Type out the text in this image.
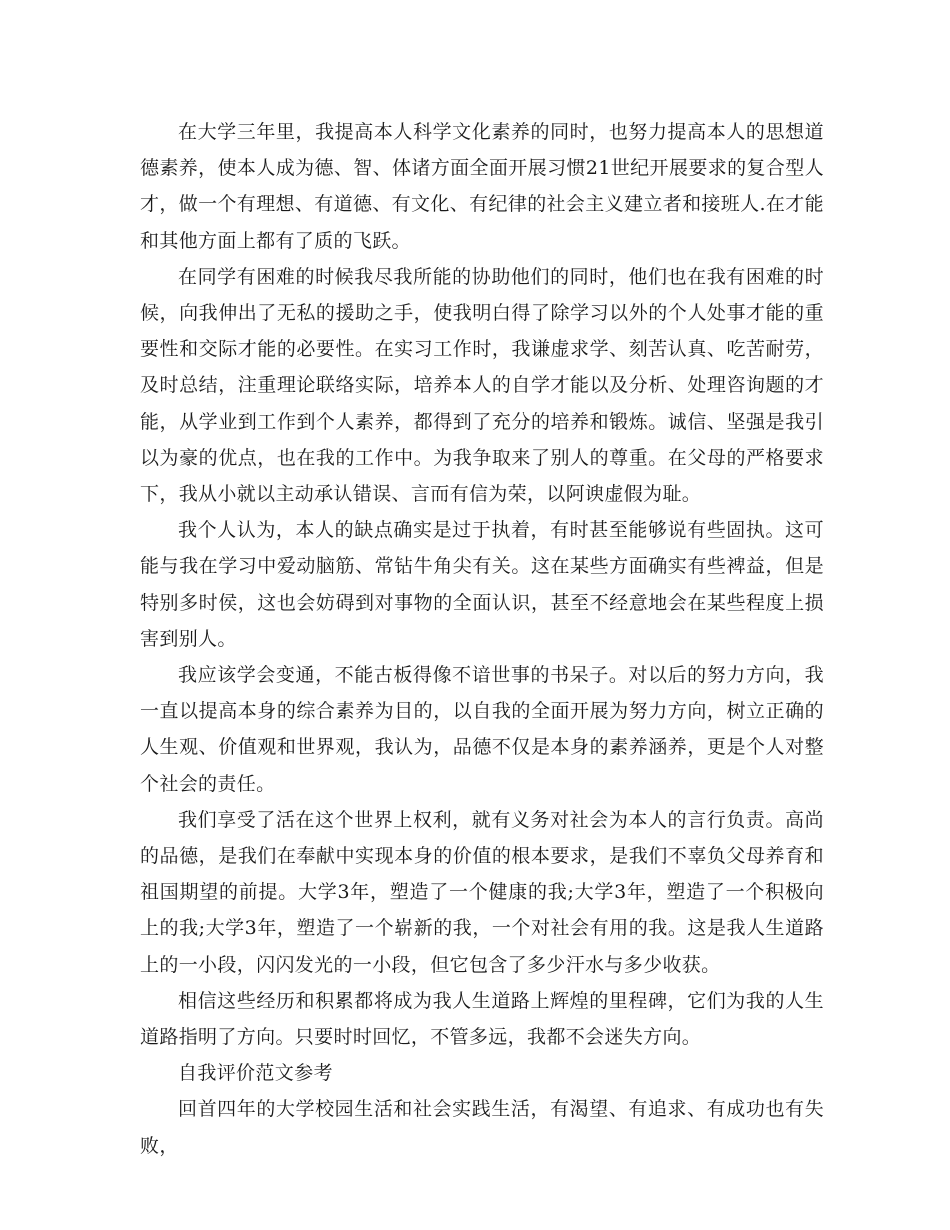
在大学三年里，我提高本人科学文化素养的同时，也努力提高本人的思想道德素养，使本人成为德、智、体诸方面全面开展习惯21世纪开展要求的复合型人才，做一个有理想、有道德、有文化、有纪律的社会主义建立者和接班人.在才能和其他方面上都有了质的飞跃。

在同学有困难的时候我尽我所能的协助他们的同时，他们也在我有困难的时候，向我伸出了无私的援助之手，使我明白得了除学习以外的个人处事才能的重要性和交际才能的必要性。在实习工作时，我谦虚求学、刻苦认真、吃苦耐劳，及时总结，注重理论联络实际，培养本人的自学才能以及分析、处理咨询题的才能，从学业到工作到个人素养，都得到了充分的培养和锻炼。诚信、坚强是我引以为豪的优点，也在我的工作中。为我争取来了别人的尊重。在父母的严格要求下，我从小就以主动承认错误、言而有信为荣，以阿谀虚假为耻。

我个人认为，本人的缺点确实是过于执着，有时甚至能够说有些固执。这可能与我在学习中爱动脑筋、常钻牛角尖有关。这在某些方面确实有些裨益，但是特别多时侯，这也会妨碍到对事物的全面认识，甚至不经意地会在某些程度上损害到别人。

我应该学会变通，不能古板得像不谙世事的书呆子。对以后的努力方向，我一直以提高本身的综合素养为目的，以自我的全面开展为努力方向，树立正确的人生观、价值观和世界观，我认为，品德不仅是本身的素养涵养，更是个人对整个社会的责任。

我们享受了活在这个世界上权利，就有义务对社会为本人的言行负责。高尚的品德，是我们在奉献中实现本身的价值的根本要求，是我们不辜负父母养育和祖国期望的前提。大学3年，塑造了一个健康的我;大学3年，塑造了一个积极向上的我;大学3年，塑造了一个崭新的我，一个对社会有用的我。这是我人生道路上的一小段，闪闪发光的一小段，但它包含了多少汗水与多少收获。

相信这些经历和积累都将成为我人生道路上辉煌的里程碑，它们为我的人生道路指明了方向。只要时时回忆，不管多远，我都不会迷失方向。

自我评价范文参考

回首四年的大学校园生活和社会实践生活，有渴望、有追求、有成功也有失败，
